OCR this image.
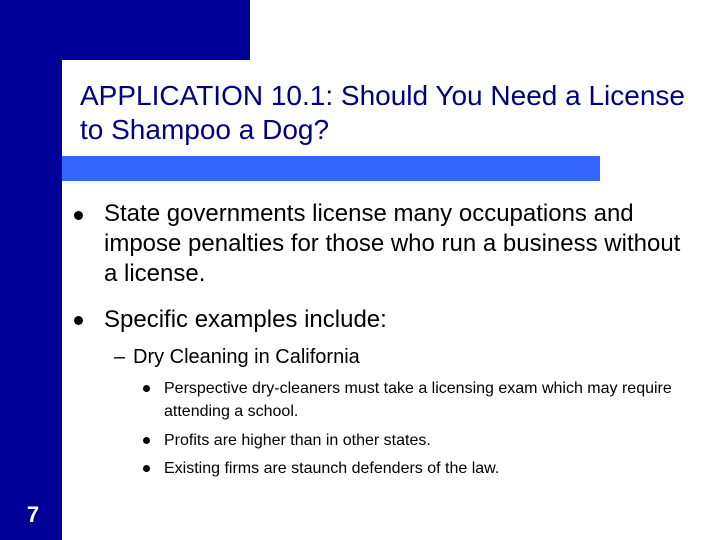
APPLICATION 10.1: Should You Need a License to Shampoo a Dog?
State governments license many occupations and impose penalties for those who run a business without a license.
Specific examples include:
– Dry Cleaning in California
Perspective dry-cleaners must take a licensing exam which may require attending a school.
Profits are higher than in other states.
Existing firms are staunch defenders of the law.
7
